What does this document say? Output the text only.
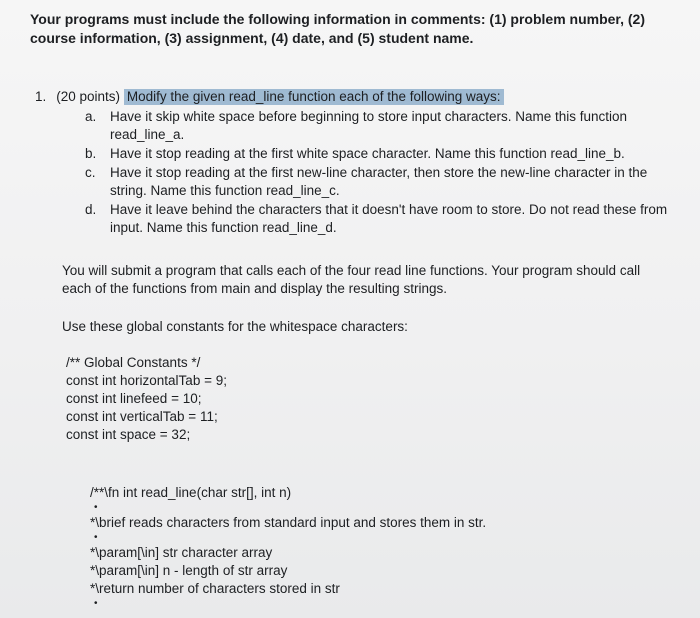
Your programs must include the following information in comments: (1) problem number, (2) course information, (3) assignment, (4) date, and (5) student name.
1. (20 points) Modify the given read_line function each of the following ways:
a. Have it skip white space before beginning to store input characters. Name this function read_line_a.
b. Have it stop reading at the first white space character. Name this function read_line_b.
c. Have it stop reading at the first new-line character, then store the new-line character in the string. Name this function read_line_c.
d. Have it leave behind the characters that it doesn't have room to store. Do not read these from input. Name this function read_line_d.
You will submit a program that calls each of the four read line functions. Your program should call each of the functions from main and display the resulting strings.
Use these global constants for the whitespace characters:
/** Global Constants */
const int horizontalTab = 9;
const int linefeed = 10;
const int verticalTab = 11;
const int space = 32;
/**\fn int read_line(char str[], int n)
•
*\brief reads characters from standard input and stores them in str.
•
*\param[\in] str character array
*\param[\in] n - length of str array
*\return number of characters stored in str
•
